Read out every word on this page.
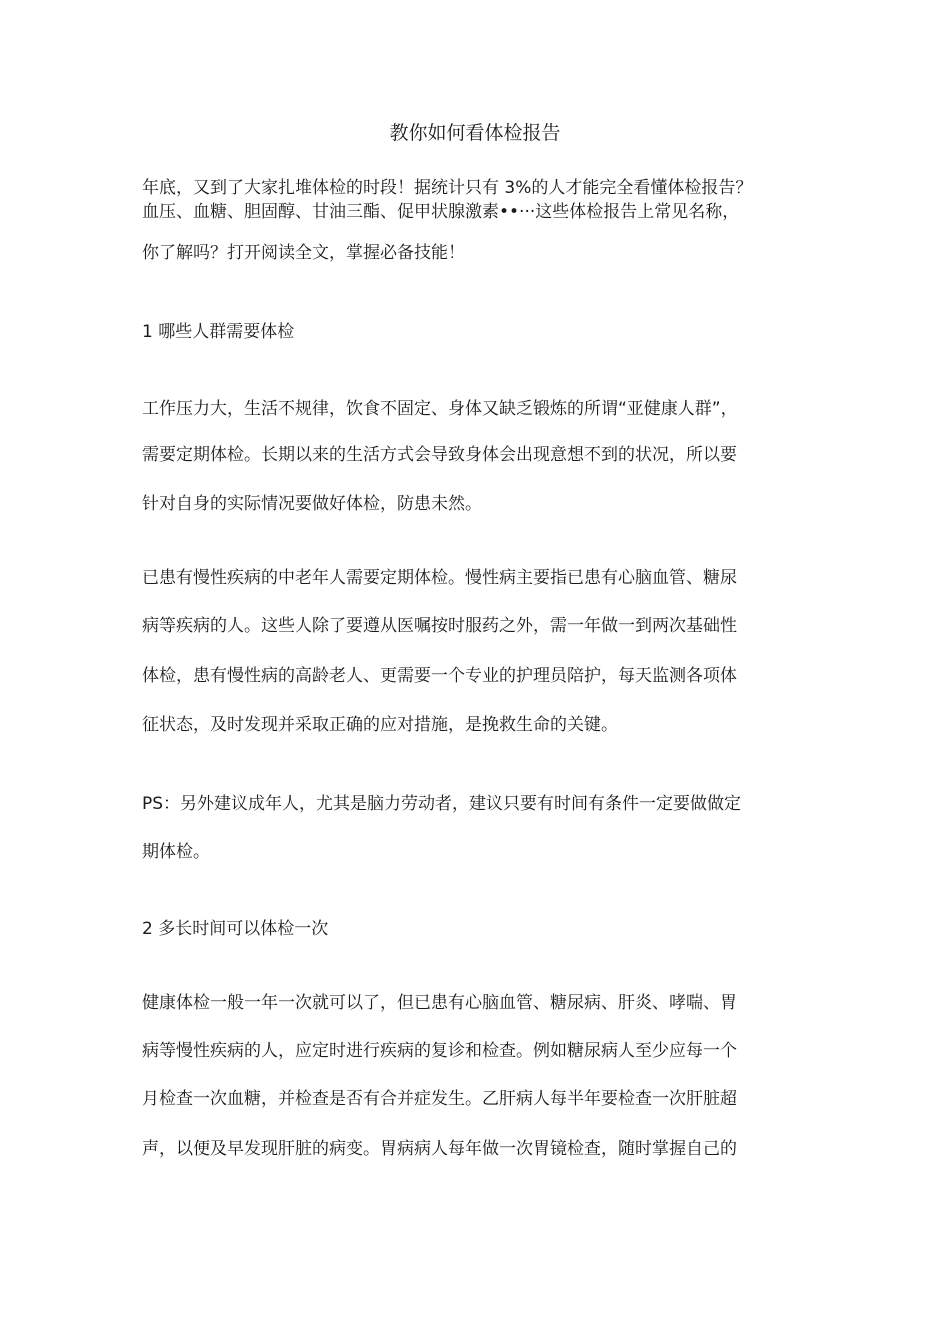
教你如何看体检报告

年底，又到了大家扎堆体检的时段！据统计只有 3%的人才能完全看懂体检报告？

血压、血糖、胆固醇、甘油三酯、促甲状腺激素••···这些体检报告上常见名称，

你了解吗？打开阅读全文，掌握必备技能！

1 哪些人群需要体检

工作压力大，生活不规律，饮食不固定、身体又缺乏锻炼的所谓“亚健康人群”，

需要定期体检。长期以来的生活方式会导致身体会出现意想不到的状况，所以要

针对自身的实际情况要做好体检，防患未然。

已患有慢性疾病的中老年人需要定期体检。慢性病主要指已患有心脑血管、糖尿

病等疾病的人。这些人除了要遵从医嘱按时服药之外，需一年做一到两次基础性

体检，患有慢性病的高龄老人、更需要一个专业的护理员陪护，每天监测各项体

征状态，及时发现并采取正确的应对措施，是挽救生命的关键。

PS：另外建议成年人，尤其是脑力劳动者，建议只要有时间有条件一定要做做定

期体检。

2 多长时间可以体检一次

健康体检一般一年一次就可以了，但已患有心脑血管、糖尿病、肝炎、哮喘、胃

病等慢性疾病的人，应定时进行疾病的复诊和检查。例如糖尿病人至少应每一个

月检查一次血糖，并检查是否有合并症发生。乙肝病人每半年要检查一次肝脏超

声，以便及早发现肝脏的病变。胃病病人每年做一次胃镜检查，随时掌握自己的
